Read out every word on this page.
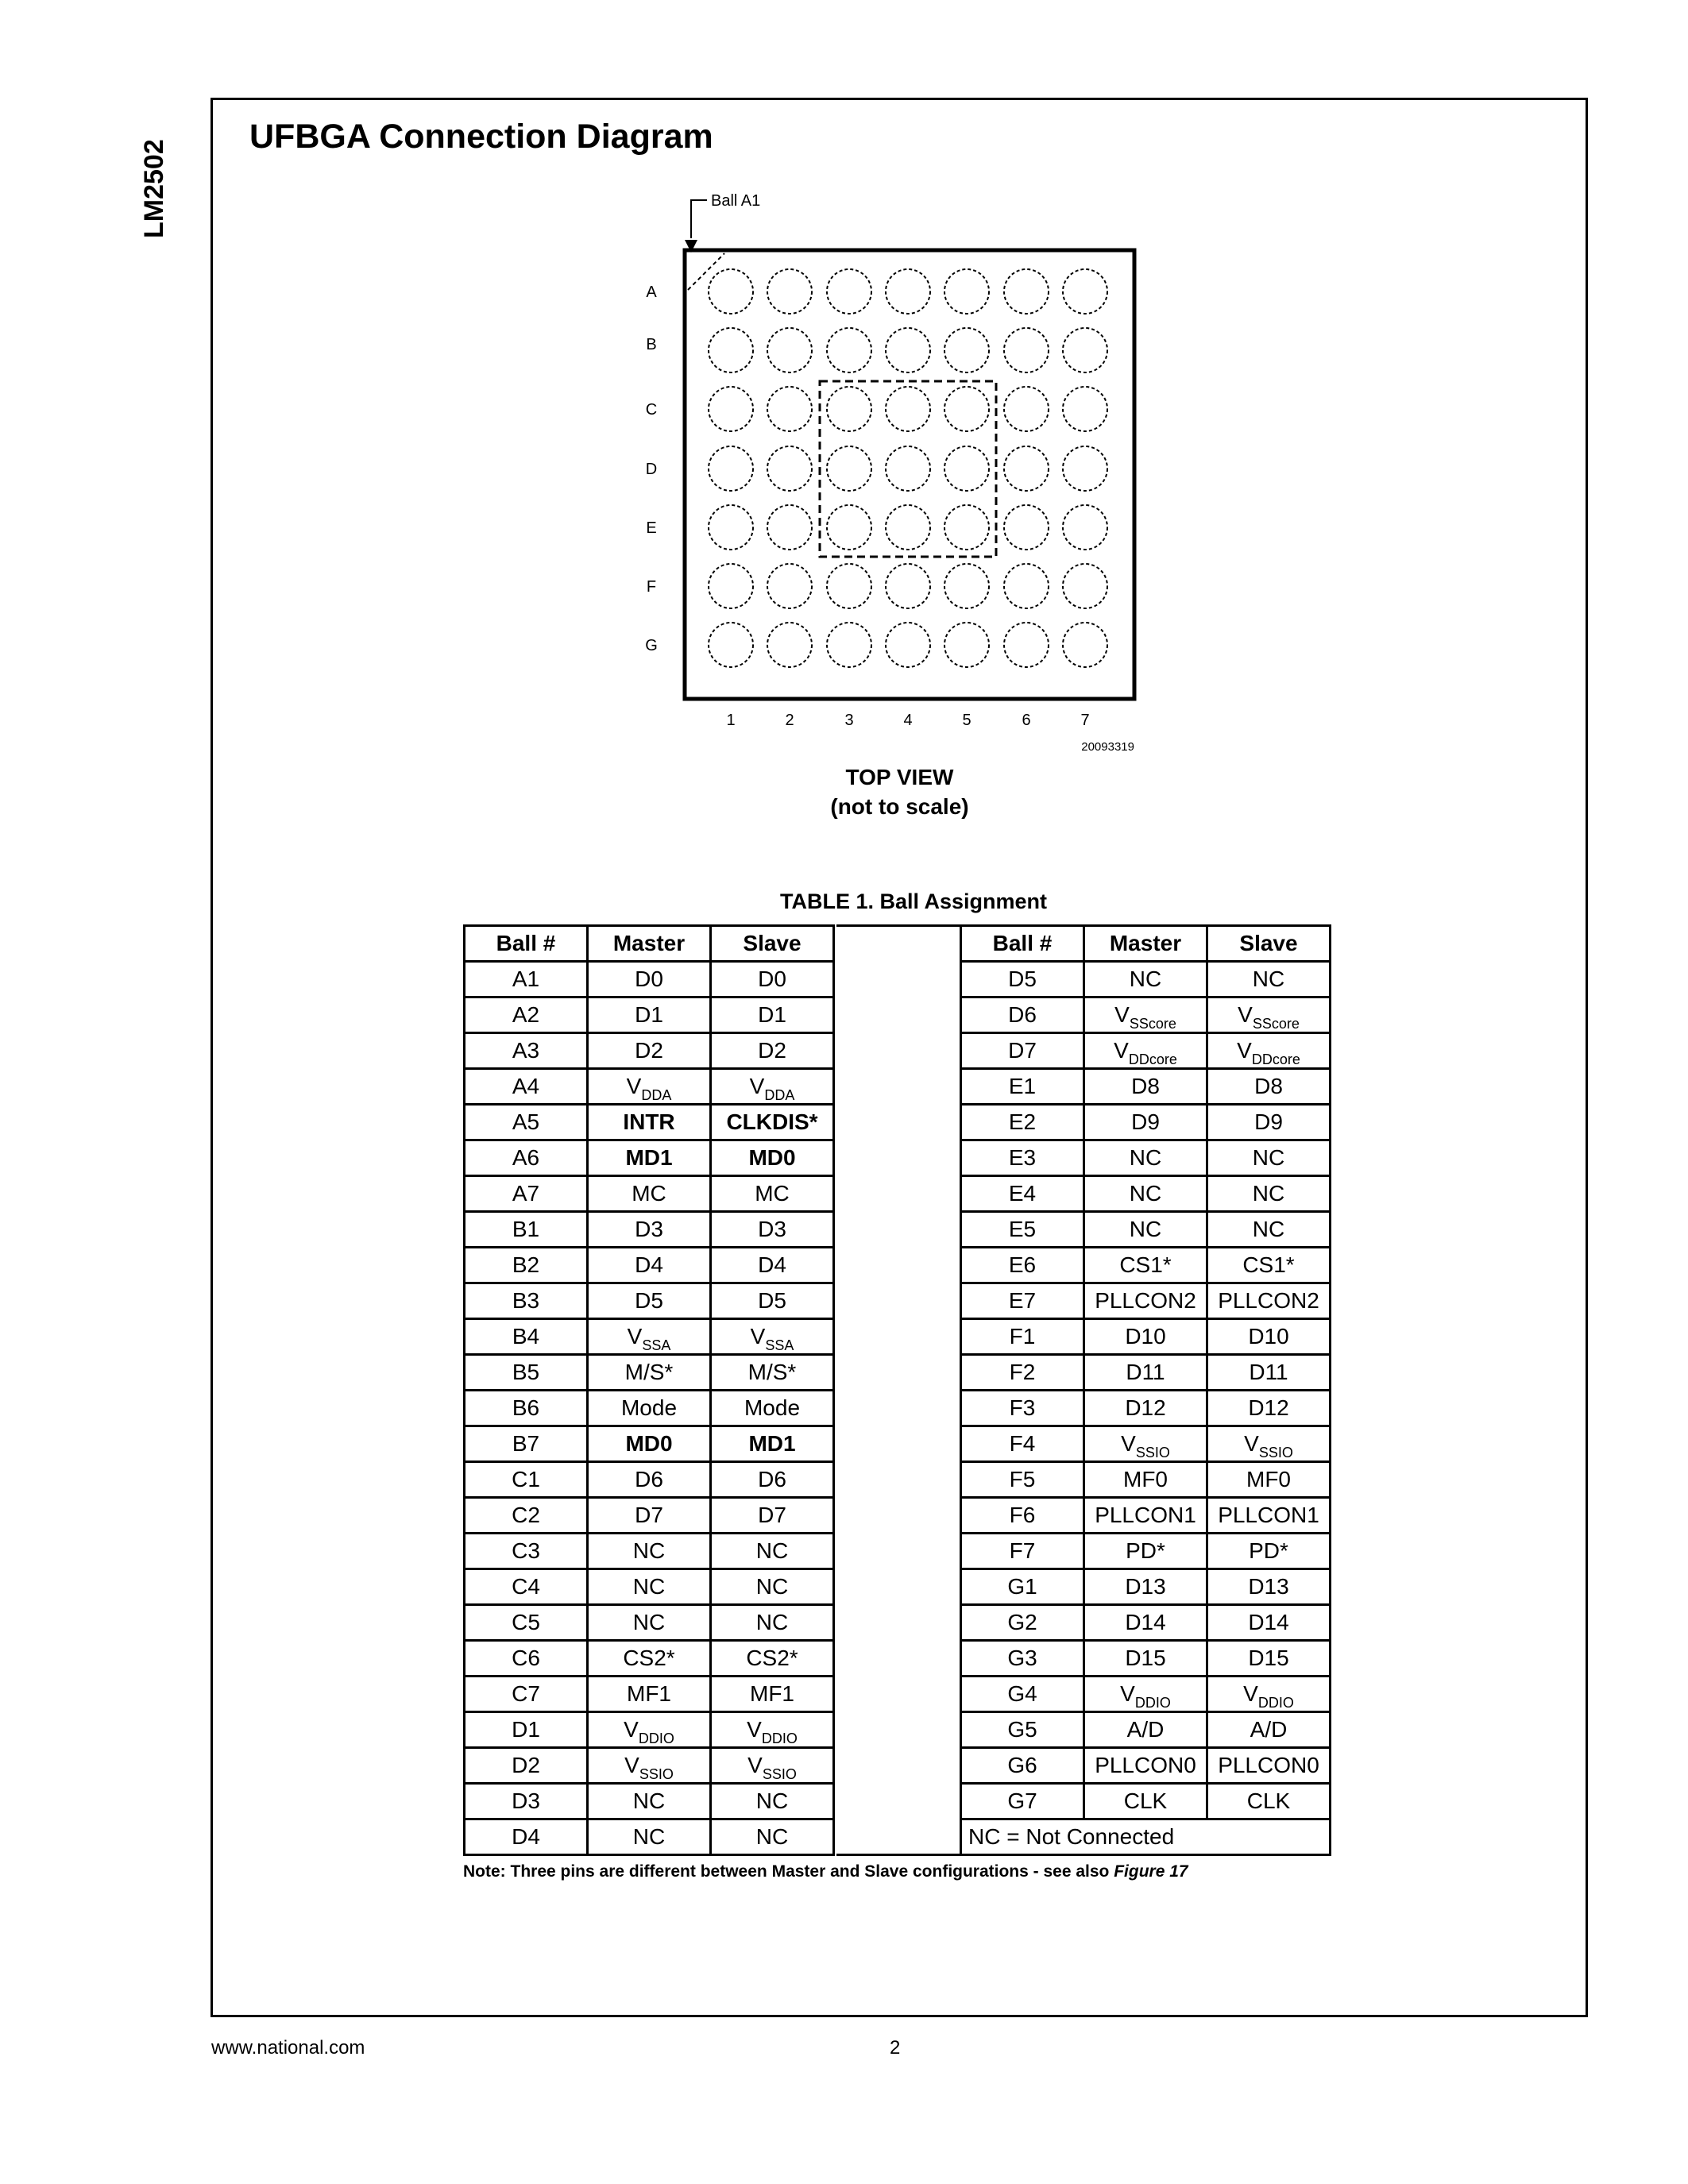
LM2502
UFBGA Connection Diagram
Ball A1
A
B
C
D
E
F
G
1	2	3	4	5	6	7
20093319
TOP VIEW
(not to scale)
TABLE 1. Ball Assignment
Ball #	Master	Slave
A1	D0	D0
A2	D1	D1
A3	D2	D2
A4	$V_{DDA}$	$V_{DDA}$
A5	INTR	CLKDIS*
A6	MD1	MD0
A7	MC	MC
B1	D3	D3
B2	D4	D4
B3	D5	D5
B4	$V_{SSA}$	$V_{SSA}$
B5	M/S*	M/S*
B6	Mode	Mode
B7	MD0	MD1
C1	D6	D6
C2	D7	D7
C3	NC	NC
C4	NC	NC
C5	NC	NC
C6	CS2*	CS2*
C7	MF1	MF1
D1	$V_{DDIO}$	$V_{DDIO}$
D2	$V_{SSIO}$	$V_{SSIO}$
D3	NC	NC
D4	NC	NC
Ball #	Master	Slave
D5	NC	NC
D6	$V_{SScore}$	$V_{SScore}$
D7	$V_{DDcore}$	$V_{DDcore}$
E1	D8	D8
E2	D9	D9
E3	NC	NC
E4	NC	NC
E5	NC	NC
E6	CS1*	CS1*
E7	PLLCON2	PLLCON2
F1	D10	D10
F2	D11	D11
F3	D12	D12
F4	$V_{SSIO}$	$V_{SSIO}$
F5	MF0	MF0
F6	PLLCON1	PLLCON1
F7	PD*	PD*
G1	D13	D13
G2	D14	D14
G3	D15	D15
G4	$V_{DDIO}$	$V_{DDIO}$
G5	A/D	A/D
G6	PLLCON0	PLLCON0
G7	CLK	CLK
NC = Not Connected		
Note: Three pins are different between Master and Slave configurations - see also Figure 17
www.national.com	2
